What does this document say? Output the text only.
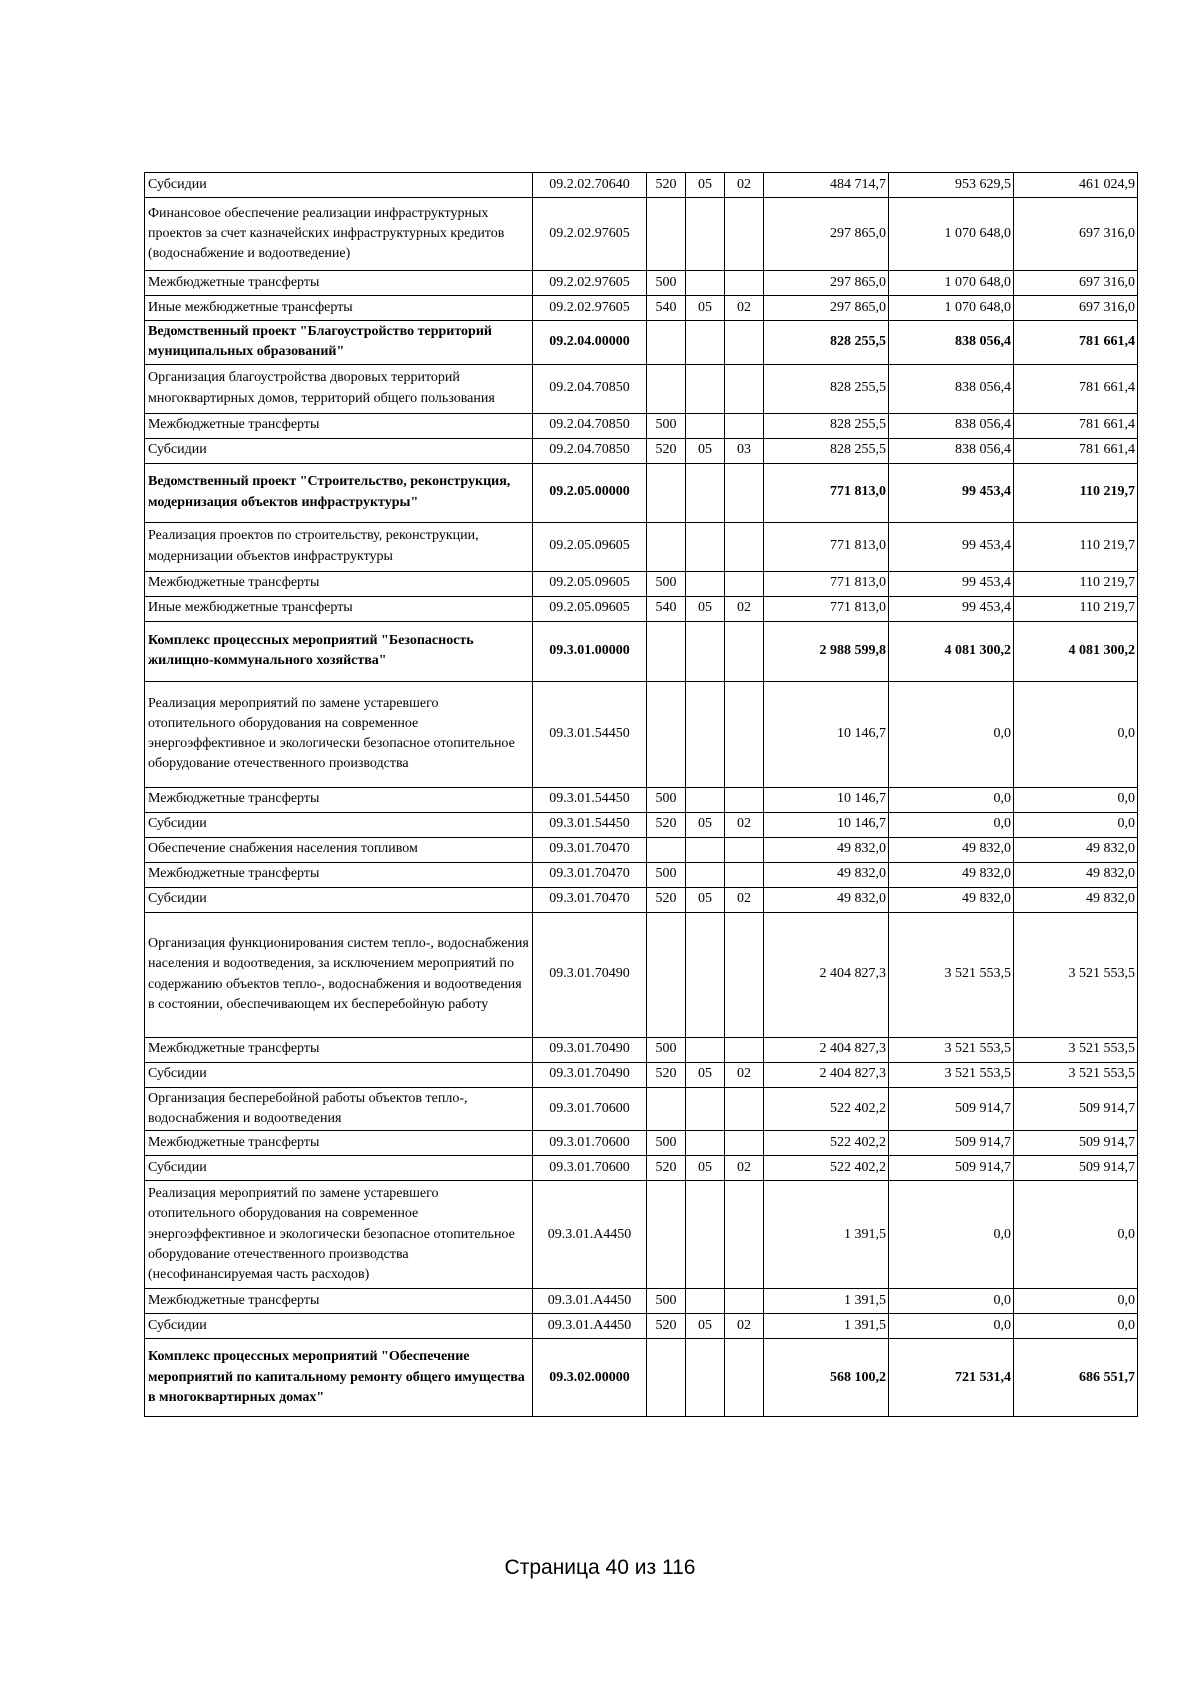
Субсидии	09.2.02.70640	520	05	02	484 714,7	953 629,5	461 024,9
Финансовое обеспечение реализации инфраструктурных проектов за счет казначейских инфраструктурных кредитов (водоснабжение и водоотведение)	09.2.02.97605				297 865,0	1 070 648,0	697 316,0
Межбюджетные трансферты	09.2.02.97605	500			297 865,0	1 070 648,0	697 316,0
Иные межбюджетные трансферты	09.2.02.97605	540	05	02	297 865,0	1 070 648,0	697 316,0
Ведомственный проект "Благоустройство территорий муниципальных образований"	09.2.04.00000				828 255,5	838 056,4	781 661,4
Организация благоустройства дворовых территорий многоквартирных домов, территорий общего пользования	09.2.04.70850				828 255,5	838 056,4	781 661,4
Межбюджетные трансферты	09.2.04.70850	500			828 255,5	838 056,4	781 661,4
Субсидии	09.2.04.70850	520	05	03	828 255,5	838 056,4	781 661,4
Ведомственный проект "Строительство, реконструкция, модернизация объектов инфраструктуры"	09.2.05.00000				771 813,0	99 453,4	110 219,7
Реализация проектов по строительству, реконструкции, модернизации объектов инфраструктуры	09.2.05.09605				771 813,0	99 453,4	110 219,7
Межбюджетные трансферты	09.2.05.09605	500			771 813,0	99 453,4	110 219,7
Иные межбюджетные трансферты	09.2.05.09605	540	05	02	771 813,0	99 453,4	110 219,7
Комплекс процессных мероприятий "Безопасность жилищно-коммунального хозяйства"	09.3.01.00000				2 988 599,8	4 081 300,2	4 081 300,2
Реализация мероприятий по замене устаревшего отопительного оборудования на современное энергоэффективное и экологически безопасное отопительное оборудование отечественного производства	09.3.01.54450				10 146,7	0,0	0,0
Межбюджетные трансферты	09.3.01.54450	500			10 146,7	0,0	0,0
Субсидии	09.3.01.54450	520	05	02	10 146,7	0,0	0,0
Обеспечение снабжения населения топливом	09.3.01.70470				49 832,0	49 832,0	49 832,0
Межбюджетные трансферты	09.3.01.70470	500			49 832,0	49 832,0	49 832,0
Субсидии	09.3.01.70470	520	05	02	49 832,0	49 832,0	49 832,0
Организация функционирования систем тепло-, водоснабжения населения и водоотведения, за исключением мероприятий по содержанию объектов тепло-, водоснабжения и водоотведения в состоянии, обеспечивающем их бесперебойную работу	09.3.01.70490				2 404 827,3	3 521 553,5	3 521 553,5
Межбюджетные трансферты	09.3.01.70490	500			2 404 827,3	3 521 553,5	3 521 553,5
Субсидии	09.3.01.70490	520	05	02	2 404 827,3	3 521 553,5	3 521 553,5
Организация бесперебойной работы объектов тепло-, водоснабжения и водоотведения	09.3.01.70600				522 402,2	509 914,7	509 914,7
Межбюджетные трансферты	09.3.01.70600	500			522 402,2	509 914,7	509 914,7
Субсидии	09.3.01.70600	520	05	02	522 402,2	509 914,7	509 914,7
Реализация мероприятий по замене устаревшего отопительного оборудования на современное энергоэффективное и экологически безопасное отопительное оборудование отечественного производства (несофинансируемая часть расходов)	09.3.01.А4450				1 391,5	0,0	0,0
Межбюджетные трансферты	09.3.01.А4450	500			1 391,5	0,0	0,0
Субсидии	09.3.01.А4450	520	05	02	1 391,5	0,0	0,0
Комплекс процессных мероприятий "Обеспечение мероприятий по капитальному ремонту общего имущества в многоквартирных домах"	09.3.02.00000				568 100,2	721 531,4	686 551,7
Страница 40 из 116
